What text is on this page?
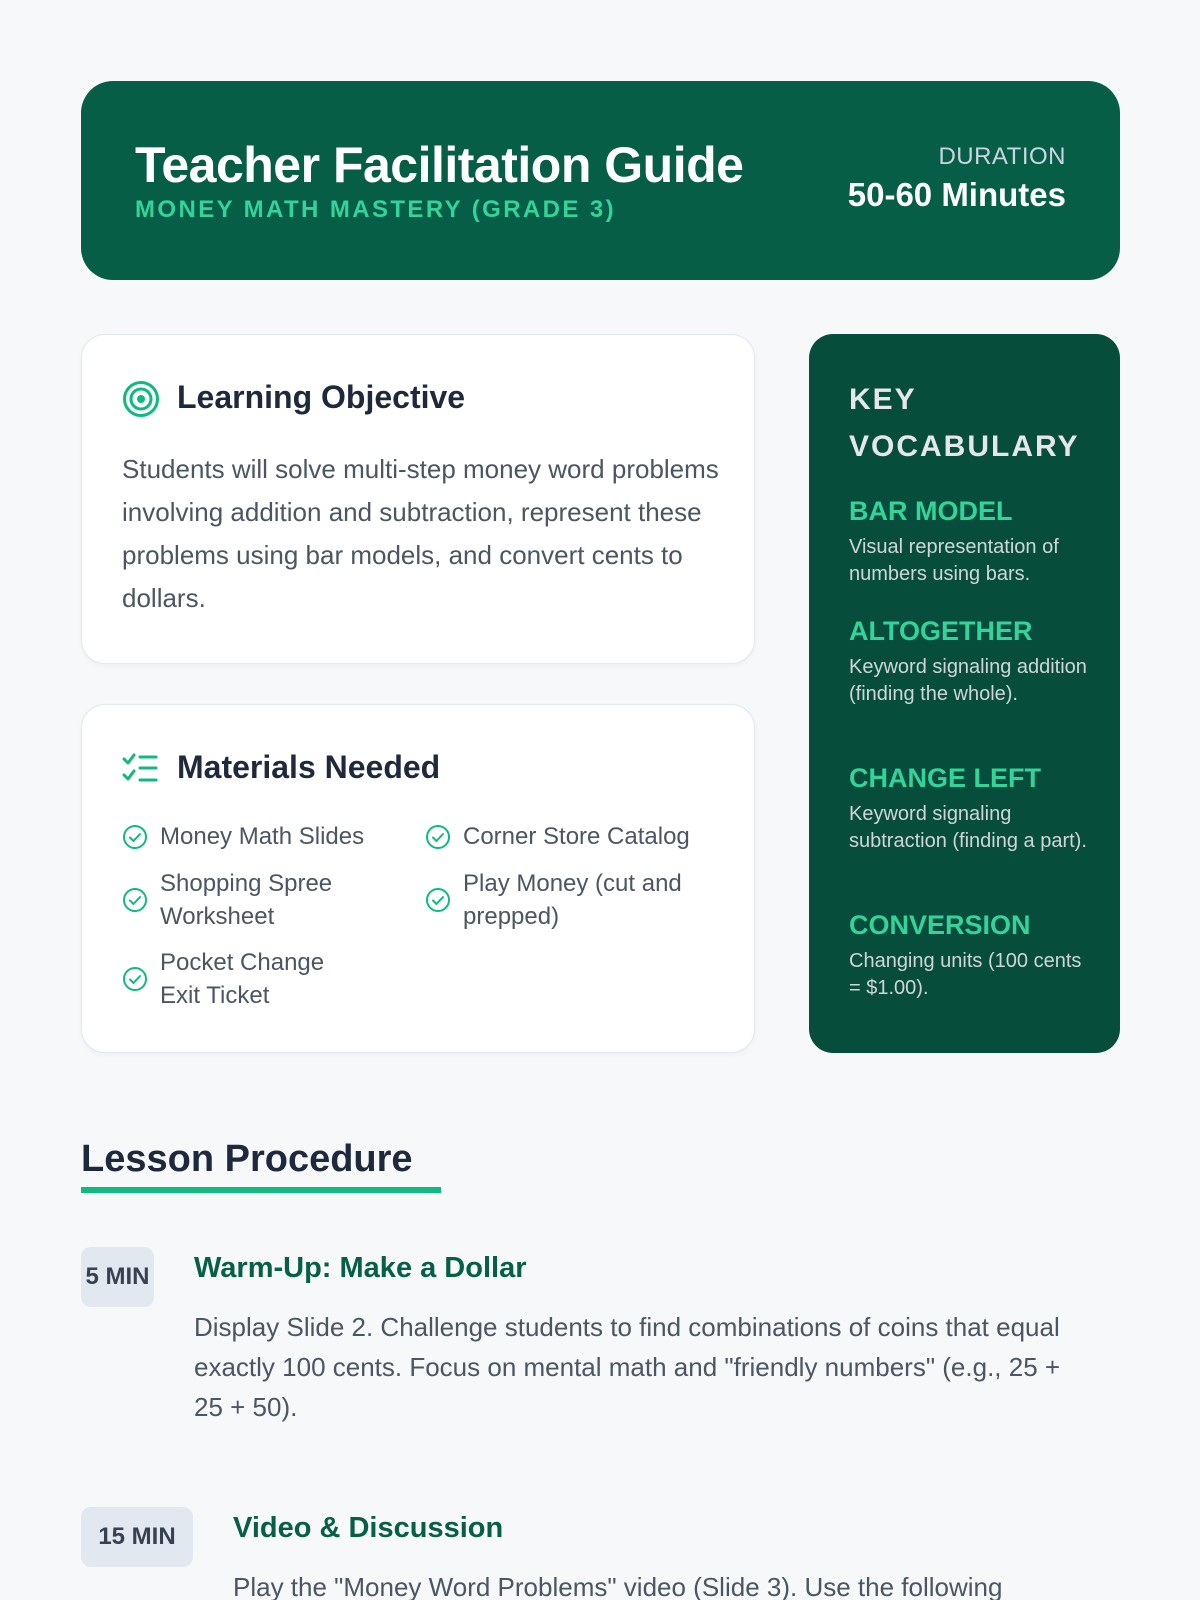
Teacher Facilitation Guide
MONEY MATH MASTERY (GRADE 3)
DURATION
50-60 Minutes
Learning Objective
Students will solve multi-step money word problems involving addition and subtraction, represent these problems using bar models, and convert cents to dollars.
Materials Needed
Money Math Slides	Corner Store Catalog
Shopping Spree Worksheet
Play Money (cut and prepped)
Pocket Change Exit Ticket
KEY VOCABULARY
BAR MODEL
Visual representation of numbers using bars.
ALTOGETHER
Keyword signaling addition (finding the whole).
CHANGE LEFT
Keyword signaling subtraction (finding a part).
CONVERSION
Changing units (100 cents = $1.00).
Lesson Procedure
5 MIN Warm-Up: Make a Dollar
Display Slide 2. Challenge students to find combinations of coins that equal exactly 100 cents. Focus on mental math and "friendly numbers" (e.g., 25 + 25 + 50).
15 MIN	Video & Discussion
Play the "Money Word Problems" video (Slide 3). Use the following
